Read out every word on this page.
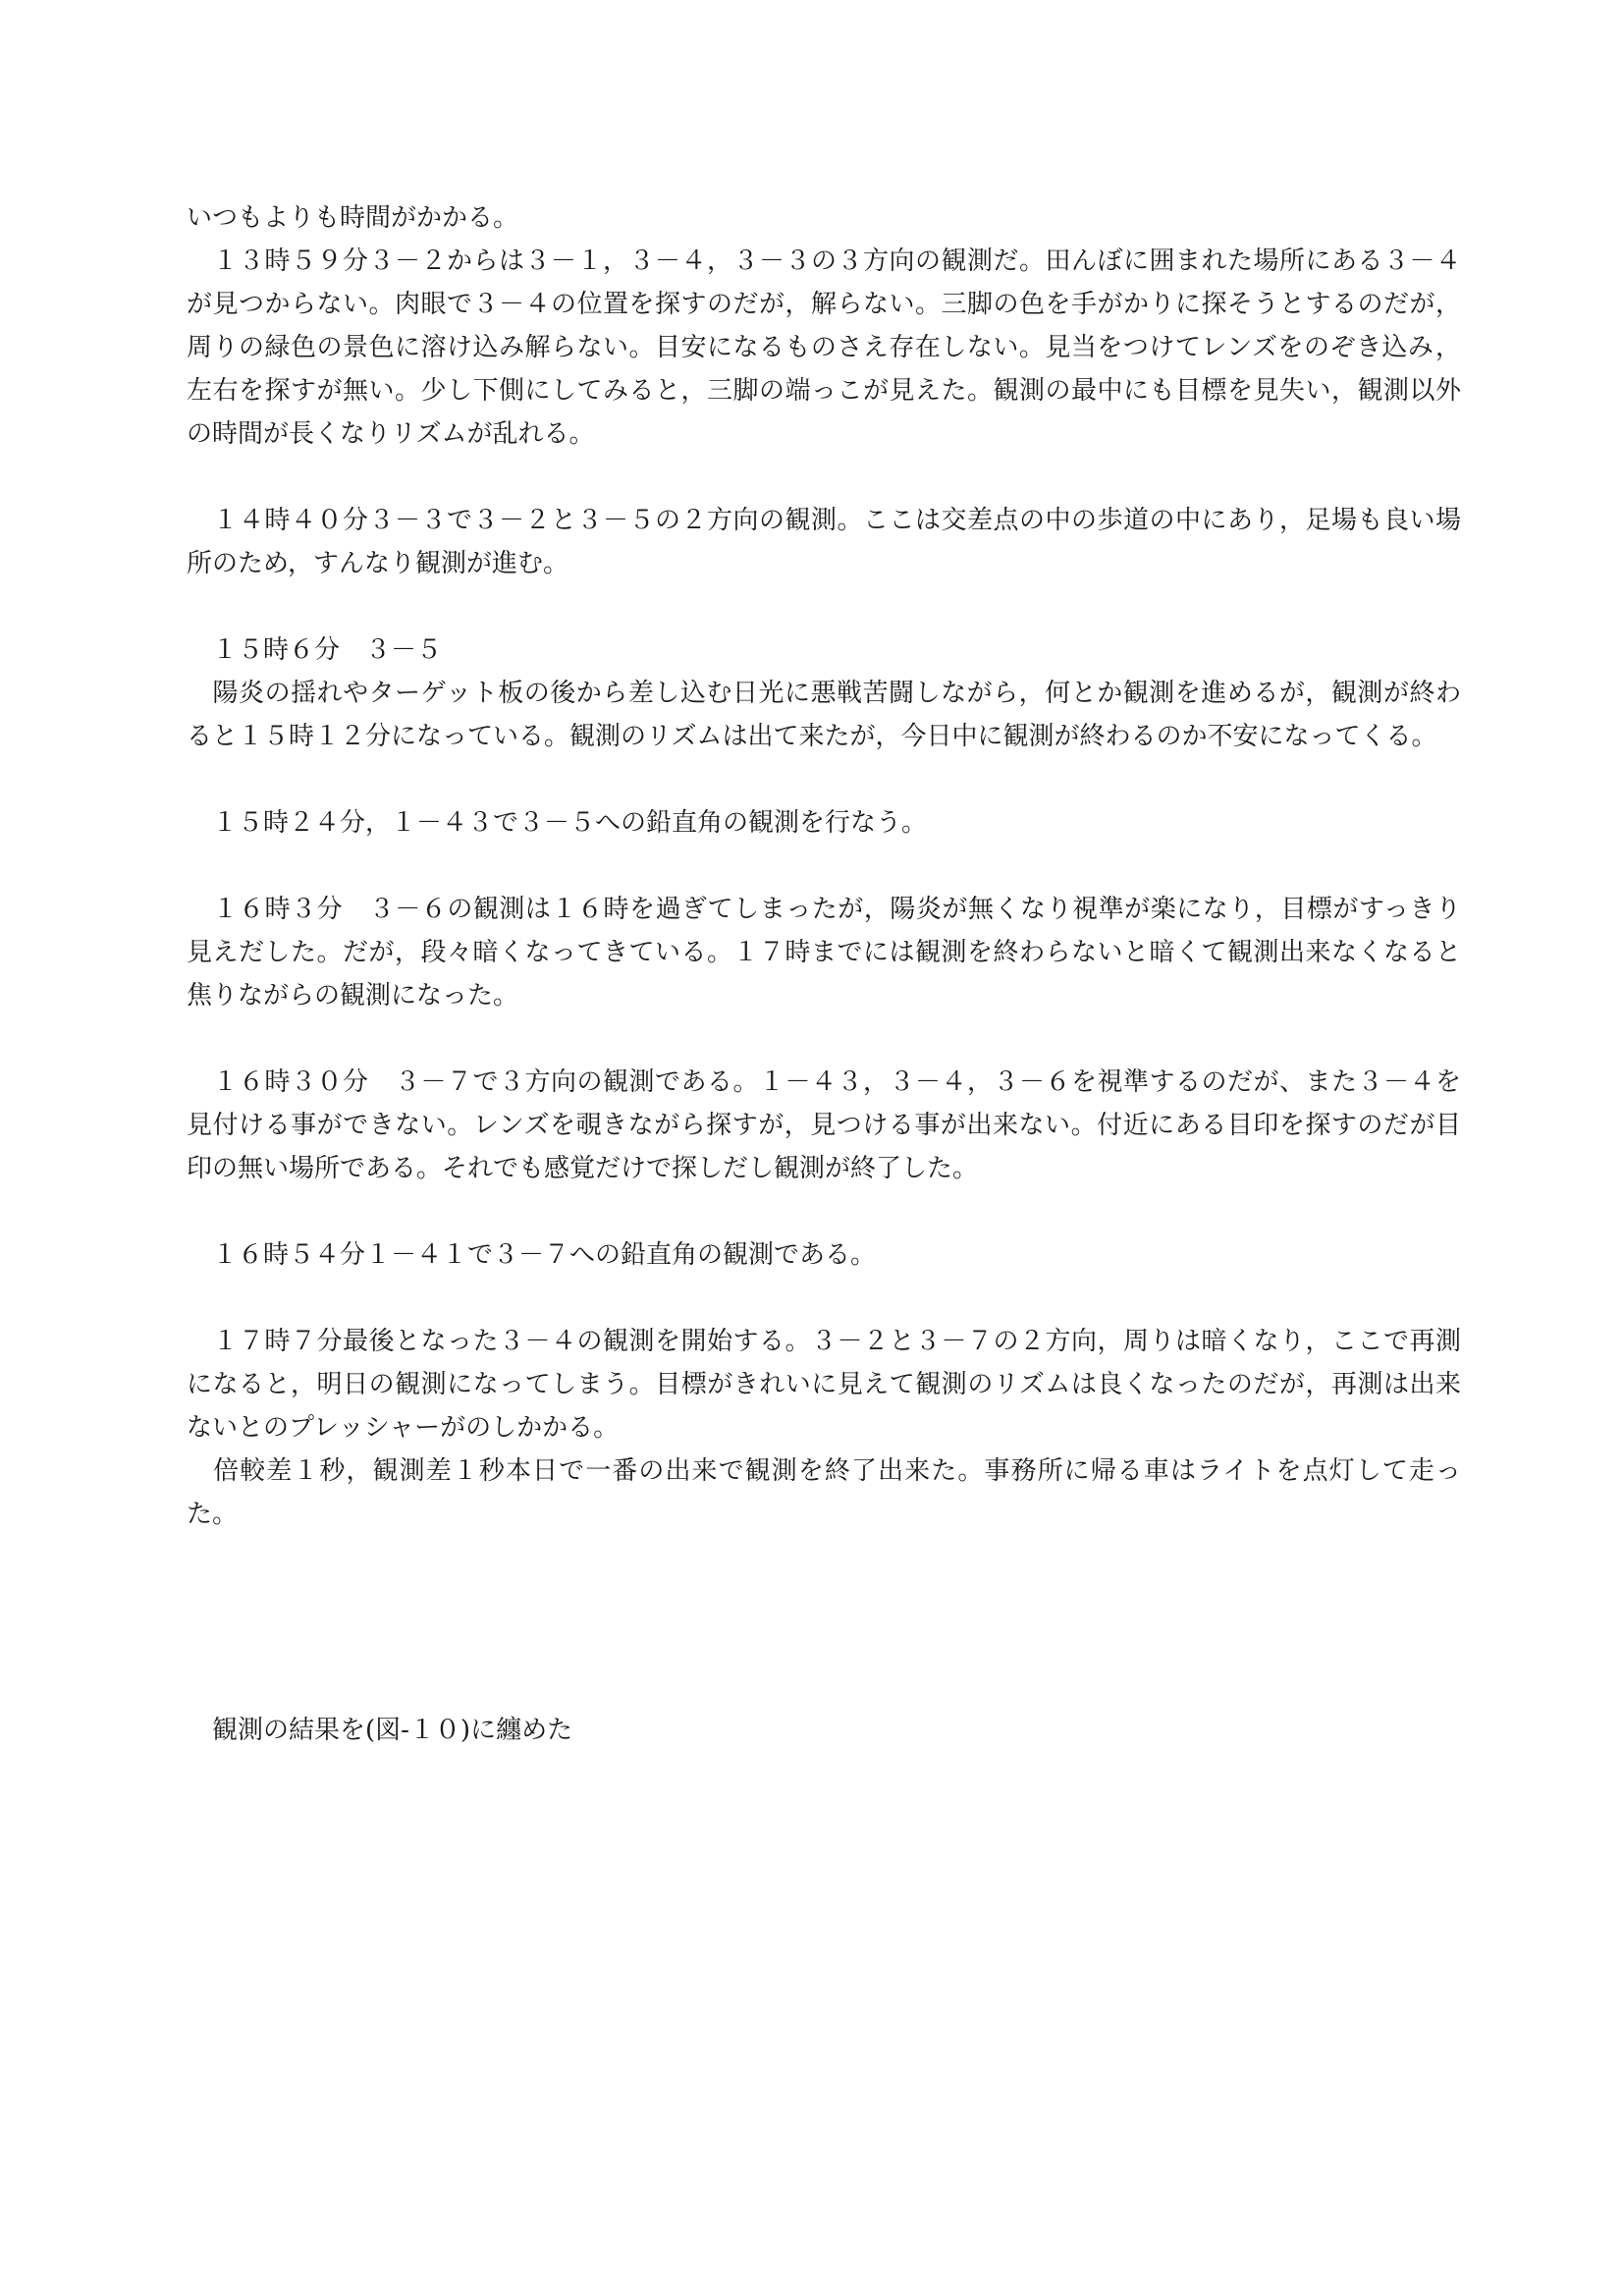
いつもよりも時間がかかる。

　１３時５９分３－２からは３－１，３－４，３－３の３方向の観測だ。田んぼに囲まれた場所にある３－４が見つからない。肉眼で３－４の位置を探すのだが，解らない。三脚の色を手がかりに探そうとするのだが，周りの緑色の景色に溶け込み解らない。目安になるものさえ存在しない。見当をつけてレンズをのぞき込み，左右を探すが無い。少し下側にしてみると，三脚の端っこが見えた。観測の最中にも目標を見失い，観測以外の時間が長くなりリズムが乱れる。

　１４時４０分３－３で３－２と３－５の２方向の観測。ここは交差点の中の歩道の中にあり，足場も良い場所のため，すんなり観測が進む。

　１５時６分　３－５

　陽炎の揺れやターゲット板の後から差し込む日光に悪戦苦闘しながら，何とか観測を進めるが，観測が終わると１５時１２分になっている。観測のリズムは出て来たが，今日中に観測が終わるのか不安になってくる。

　１５時２４分，１－４３で３－５への鉛直角の観測を行なう。

　１６時３分　３－６の観測は１６時を過ぎてしまったが，陽炎が無くなり視準が楽になり，目標がすっきり見えだした。だが，段々暗くなってきている。１７時までには観測を終わらないと暗くて観測出来なくなると焦りながらの観測になった。

　１６時３０分　３－７で３方向の観測である。１－４３，３－４，３－６を視準するのだが、また３－４を見付ける事ができない。レンズを覗きながら探すが，見つける事が出来ない。付近にある目印を探すのだが目印の無い場所である。それでも感覚だけで探しだし観測が終了した。

　１６時５４分１－４１で３－７への鉛直角の観測である。

　１７時７分最後となった３－４の観測を開始する。３－２と３－７の２方向，周りは暗くなり，ここで再測になると，明日の観測になってしまう。目標がきれいに見えて観測のリズムは良くなったのだが，再測は出来ないとのプレッシャーがのしかかる。

　倍較差１秒，観測差１秒本日で一番の出来で観測を終了出来た。事務所に帰る車はライトを点灯して走った。

　観測の結果を(図-１０)に纏めた
